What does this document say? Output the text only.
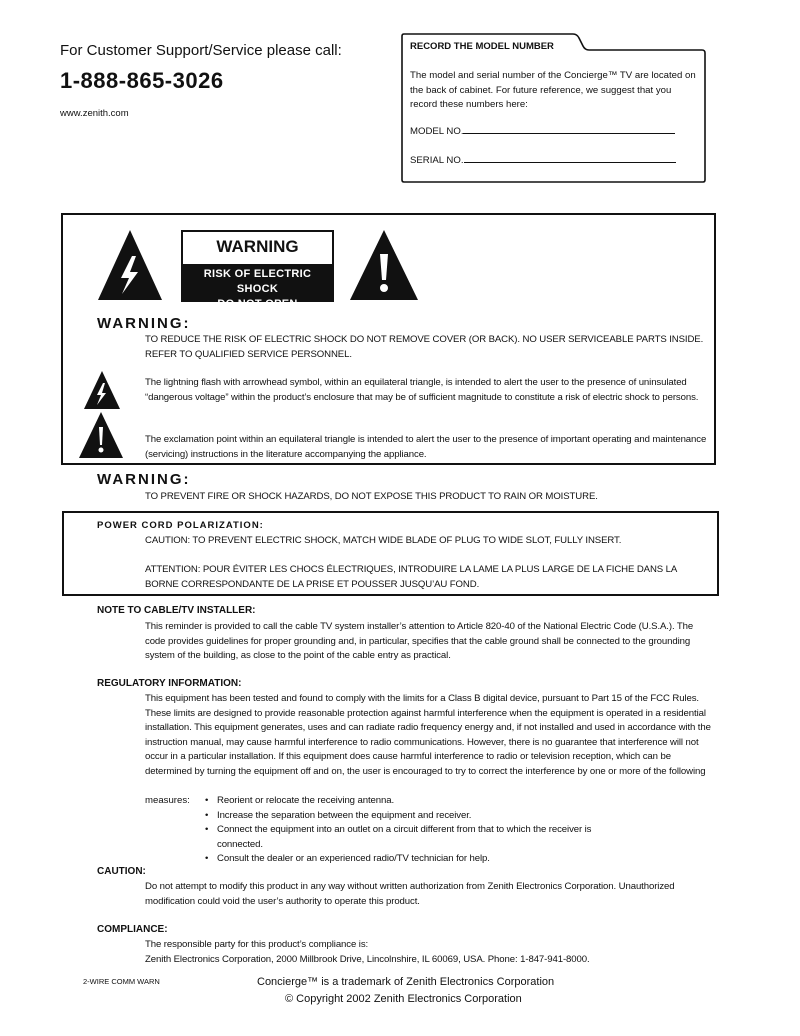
For Customer Support/Service please call:
1-888-865-3026
www.zenith.com
RECORD THE MODEL NUMBER
The model and serial number of the Concierge™ TV are located on the back of cabinet. For future reference, we suggest that you record these numbers here:
MODEL NO.
SERIAL NO.
WARNING
RISK OF ELECTRIC SHOCK
DO NOT OPEN
WARNING:
TO REDUCE THE RISK OF ELECTRIC SHOCK DO NOT REMOVE COVER (OR BACK). NO USER SERVICEABLE PARTS INSIDE. REFER TO QUALIFIED SERVICE PERSONNEL.
The lightning flash with arrowhead symbol, within an equilateral triangle, is intended to alert the user to the presence of uninsulated “dangerous voltage” within the product’s enclosure that may be of sufficient magnitude to constitute a risk of electric shock to persons.
The exclamation point within an equilateral triangle is intended to alert the user to the presence of important operating and maintenance (servicing) instructions in the literature accompanying the appliance.
WARNING:
TO PREVENT FIRE OR SHOCK HAZARDS, DO NOT EXPOSE THIS PRODUCT TO RAIN OR MOISTURE.
POWER CORD POLARIZATION:
CAUTION: TO PREVENT ELECTRIC SHOCK, MATCH WIDE BLADE OF PLUG TO WIDE SLOT, FULLY INSERT.
ATTENTION: POUR ÉVITER LES CHOCS ÉLECTRIQUES, INTRODUIRE LA LAME LA PLUS LARGE DE LA FICHE DANS LA BORNE CORRESPONDANTE DE LA PRISE ET POUSSER JUSQU’AU FOND.
NOTE TO CABLE/TV INSTALLER:
This reminder is provided to call the cable TV system installer’s attention to Article 820-40 of the National Electric Code (U.S.A.). The code provides guidelines for proper grounding and, in particular, specifies that the cable ground shall be connected to the grounding system of the building, as close to the point of the cable entry as practical.
REGULATORY INFORMATION:
This equipment has been tested and found to comply with the limits for a Class B digital device, pursuant to Part 15 of the FCC Rules. These limits are designed to provide reasonable protection against harmful interference when the equipment is operated in a residential installation. This equipment generates, uses and can radiate radio frequency energy and, if not installed and used in accordance with the instruction manual, may cause harmful interference to radio communications. However, there is no guarantee that interference will not occur in a particular installation. If this equipment does cause harmful interference to radio or television reception, which can be determined by turning the equipment off and on, the user is encouraged to try to correct the interference by one or more of the following
measures: • Reorient or relocate the receiving antenna.
• Increase the separation between the equipment and receiver.
• Connect the equipment into an outlet on a circuit different from that to which the receiver is connected.
• Consult the dealer or an experienced radio/TV technician for help.
CAUTION:
Do not attempt to modify this product in any way without written authorization from Zenith Electronics Corporation. Unauthorized modification could void the user’s authority to operate this product.
COMPLIANCE:
The responsible party for this product’s compliance is:
Zenith Electronics Corporation, 2000 Millbrook Drive, Lincolnshire, IL 60069, USA. Phone: 1-847-941-8000.
2-WIRE COMM WARN	Concierge™ is a trademark of Zenith Electronics Corporation
© Copyright 2002 Zenith Electronics Corporation
